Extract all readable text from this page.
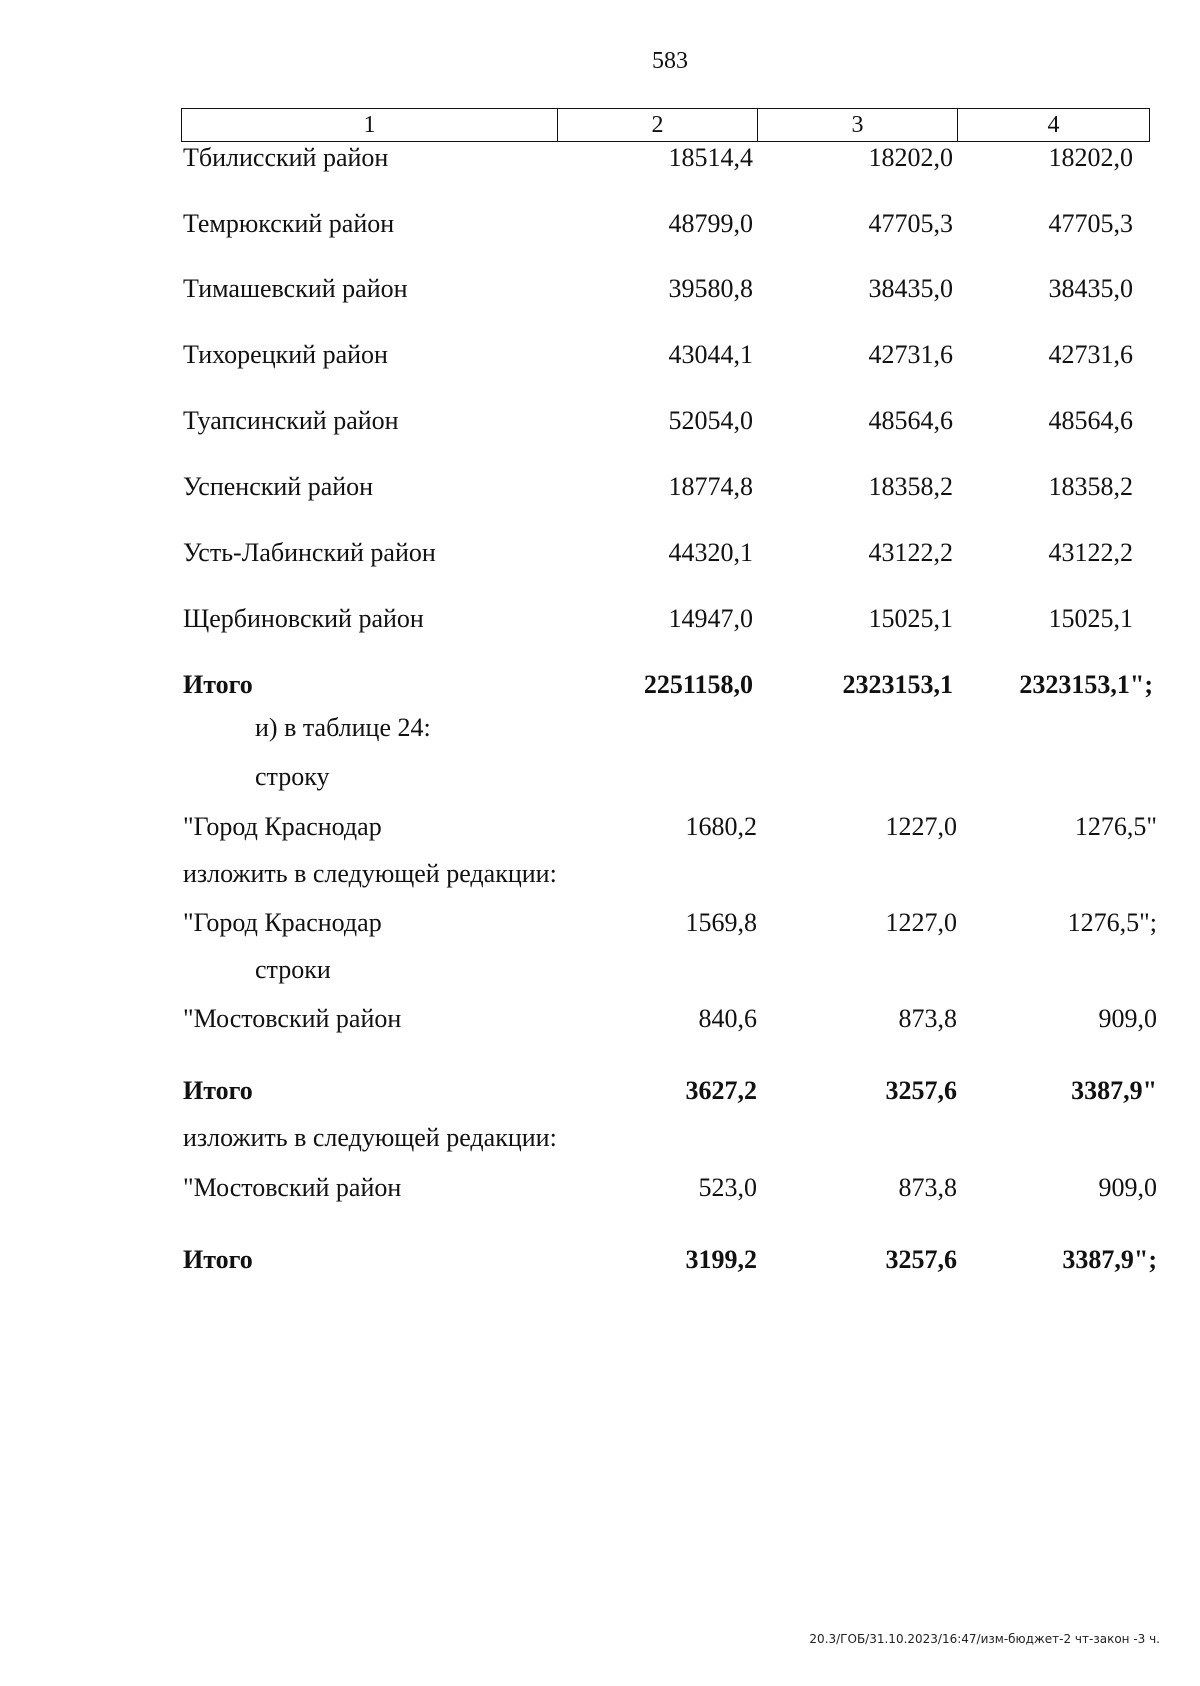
583
1	2	3	4
Тбилисский район	18514,4	18202,0	18202,0
Темрюкский район	48799,0	47705,3	47705,3
Тимашевский район	39580,8	38435,0	38435,0
Тихорецкий район	43044,1	42731,6	42731,6
Туапсинский район	52054,0	48564,6	48564,6
Успенский район	18774,8	18358,2	18358,2
Усть-Лабинский район	44320,1	43122,2	43122,2
Щербиновский район	14947,0	15025,1	15025,1
Итого	2251158,0	2323153,1	2323153,1";
и) в таблице 24:
строку
"Город Краснодар	1680,2	1227,0	1276,5"
изложить в следующей редакции:
"Город Краснодар	1569,8	1227,0	1276,5";
строки
"Мостовский район	840,6	873,8	909,0
Итого	3627,2	3257,6	3387,9"
изложить в следующей редакции:
"Мостовский район	523,0	873,8	909,0
Итого	3199,2	3257,6	3387,9";
20.3/ГОБ/31.10.2023/16:47/изм-бюджет-2 чт-закон -3 ч.
